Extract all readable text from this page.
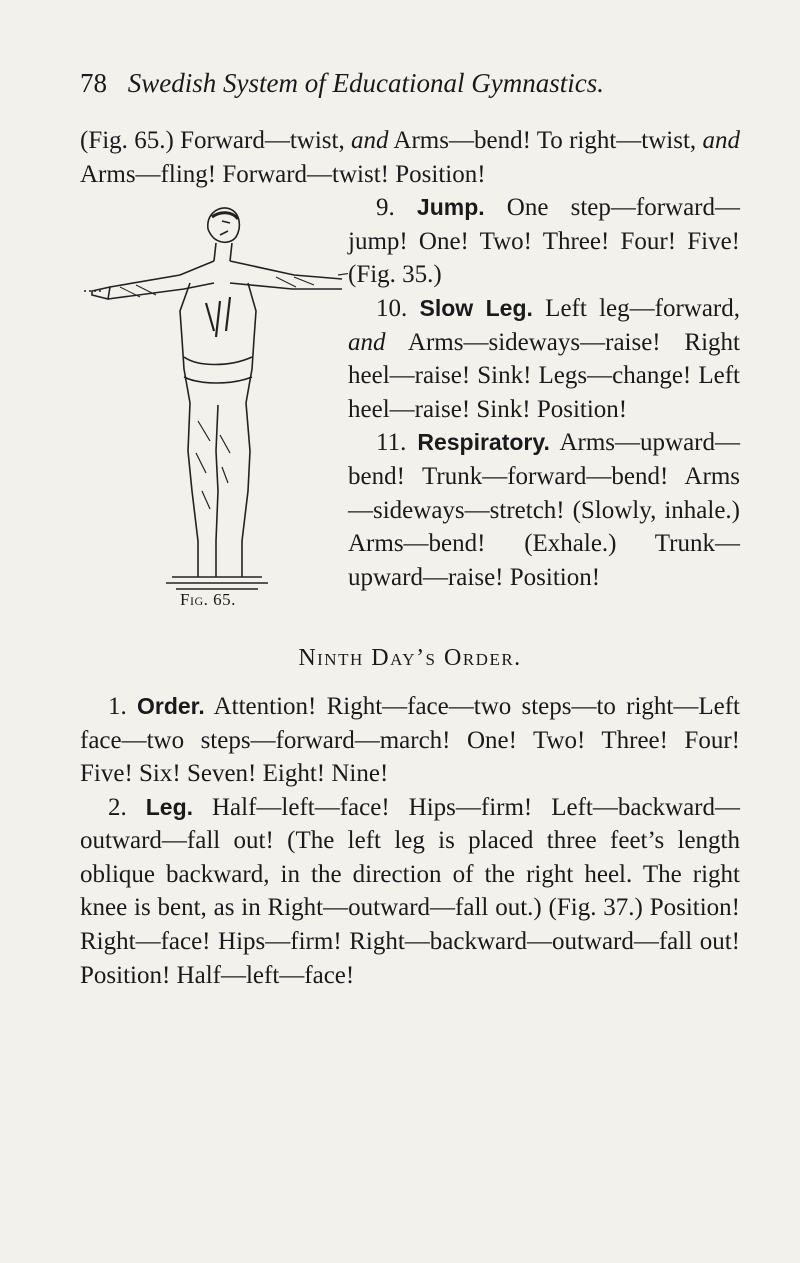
78 Swedish System of Educational Gymnastics.

(Fig. 65.) Forward—twist, and Arms—bend! To right—twist, and Arms—fling! Forward—twist! Position!

Fig. 65.

9. Jump. One step—forward—jump! One! Two! Three! Four! Five! (Fig. 35.)

10. Slow Leg. Left leg—forward, and Arms—sideways—raise! Right heel—raise! Sink! Legs—change! Left heel—raise! Sink! Position!

11. Respiratory. Arms—upward—bend! Trunk—forward—bend! Arms—sideways—stretch! (Slowly, inhale.) Arms—bend! (Exhale.) Trunk—upward—raise! Position!

Ninth Day’s Order.

1. Order. Attention! Right—face—two steps—to right—Left face—two steps—forward—march! One! Two! Three! Four! Five! Six! Seven! Eight! Nine!

2. Leg. Half—left—face! Hips—firm! Left—backward—outward—fall out! (The left leg is placed three feet’s length oblique backward, in the direction of the right heel. The right knee is bent, as in Right—outward—fall out.) (Fig. 37.) Position! Right—face! Hips—firm! Right—backward—outward—fall out! Position! Half—left—face!
